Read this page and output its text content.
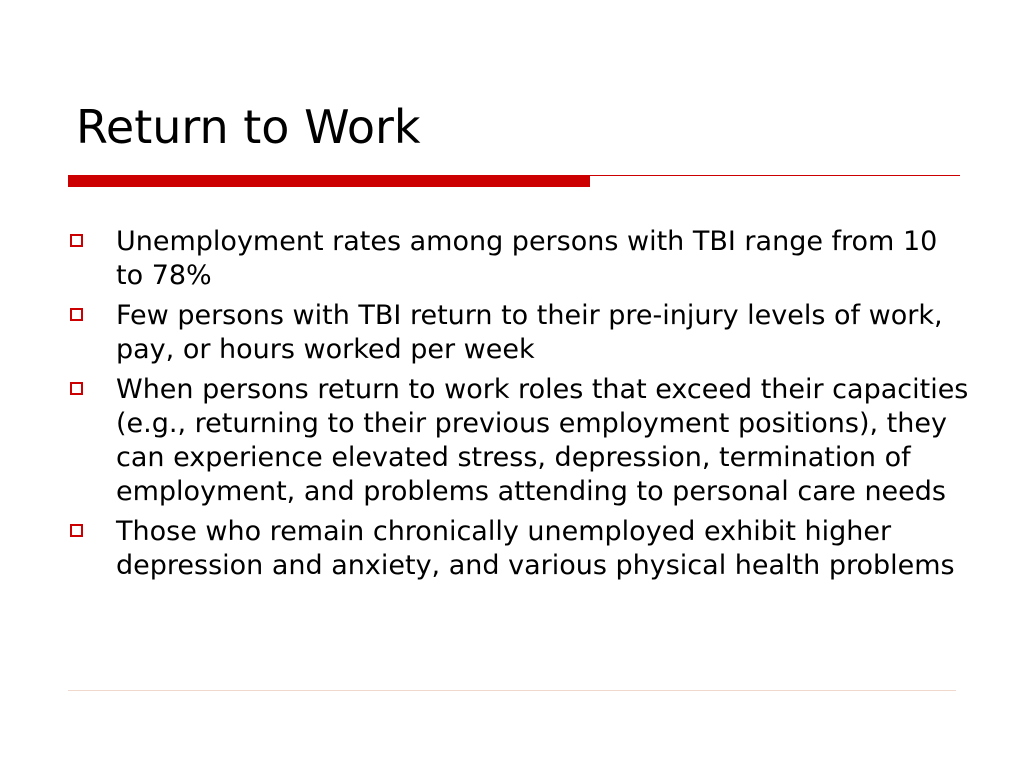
Return to Work
Unemployment rates among persons with TBI range from 10 to 78%
Few persons with TBI return to their pre-injury levels of work, pay, or hours worked per week
When persons return to work roles that exceed their capacities (e.g., returning to their previous employment positions), they can experience elevated stress, depression, termination of employment, and problems attending to personal care needs
Those who remain chronically unemployed exhibit higher depression and anxiety, and various physical health problems
